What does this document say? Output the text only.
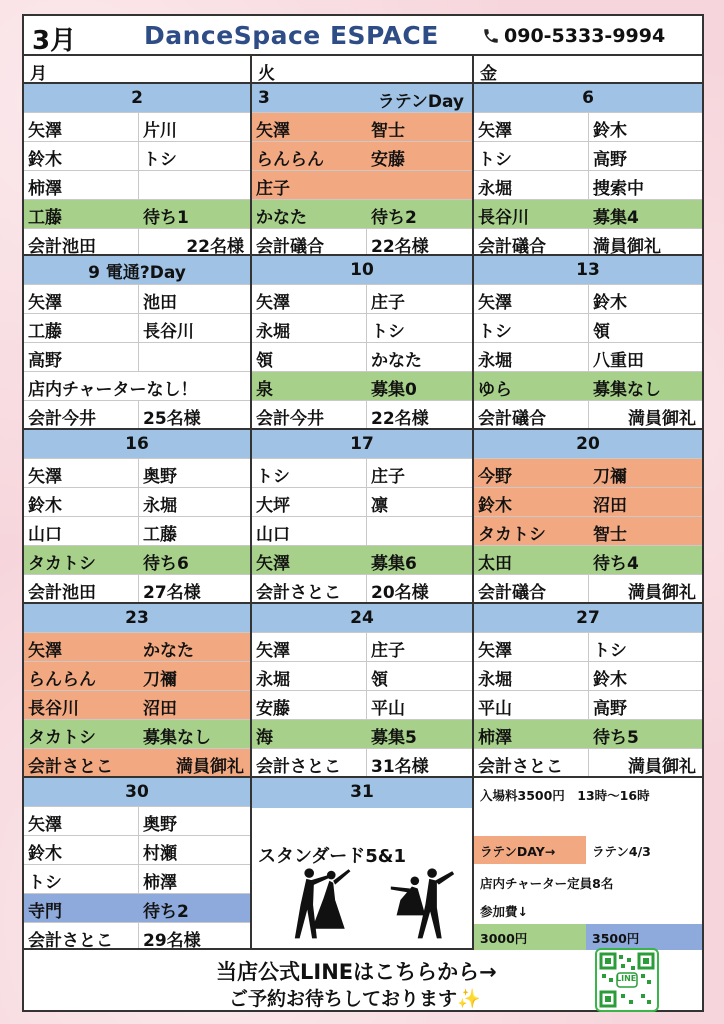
3月	DanceSpace ESPACE	090-5333-9994
月	火	金
2
矢澤	片川
鈴木	トシ
柿澤
工藤	待ち1
会計池田	22名様
3	ラテンDay
矢澤	智士
らんらん	安藤
庄子
かなた	待ち2
会計礒合	22名様
6
矢澤	鈴木
トシ	高野
永堀	捜索中
長谷川	募集4
会計礒合	満員御礼
9 電通?Day
矢澤	池田
工藤	長谷川
高野
店内チャーターなし！
会計今井	25名様
10
矢澤	庄子
永堀	トシ
領	かなた
泉	募集0
会計今井	22名様
13
矢澤	鈴木
トシ	領
永堀	八重田
ゆら	募集なし
会計礒合	満員御礼
16
矢澤	奥野
鈴木	永堀
山口	工藤
タカトシ	待ち6
会計池田	27名様
17
トシ	庄子
大坪	凛
山口
矢澤	募集6
会計さとこ	20名様
20
今野	刀禰
鈴木	沼田
タカトシ	智士
太田	待ち4
会計礒合	満員御礼
23
矢澤	かなた
らんらん	刀禰
長谷川	沼田
タカトシ	募集なし
会計さとこ	満員御礼
24
矢澤	庄子
永堀	領
安藤	平山
海	募集5
会計さとこ	31名様
27
矢澤	トシ
永堀	鈴木
平山	高野
柿澤	待ち5
会計さとこ	満員御礼
30
矢澤	奥野
鈴木	村瀬
トシ	柿澤
寺門	待ち2
会計さとこ	29名様
31
スタンダード5&1
入場料3500円　13時～16時
ラテンDAY→	ラテン4/3
店内チャーター定員8名
参加費↓
3000円	3500円
当店公式LINEはこちらから→
ご予約お待ちしております✨
LINE
